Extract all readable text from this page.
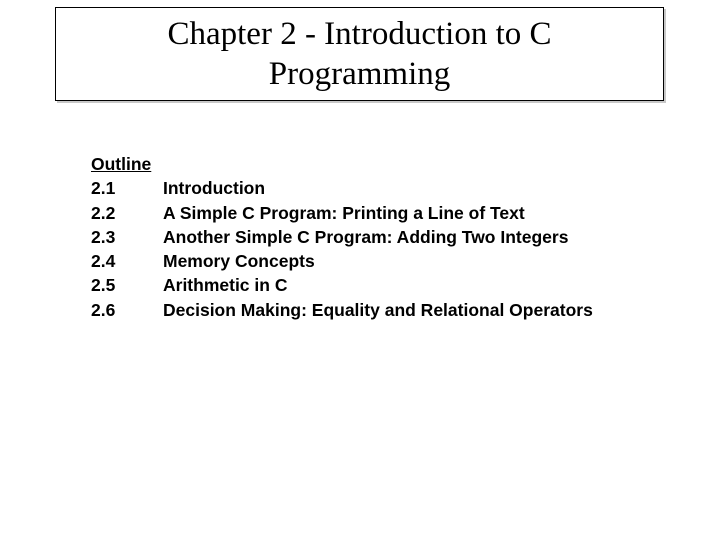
Chapter 2 - Introduction to C
Programming
Outline
2.1	Introduction
2.2	A Simple C Program: Printing a Line of Text
2.3	Another Simple C Program: Adding Two Integers
2.4	Memory Concepts
2.5	Arithmetic in C
2.6	Decision Making: Equality and Relational Operators
